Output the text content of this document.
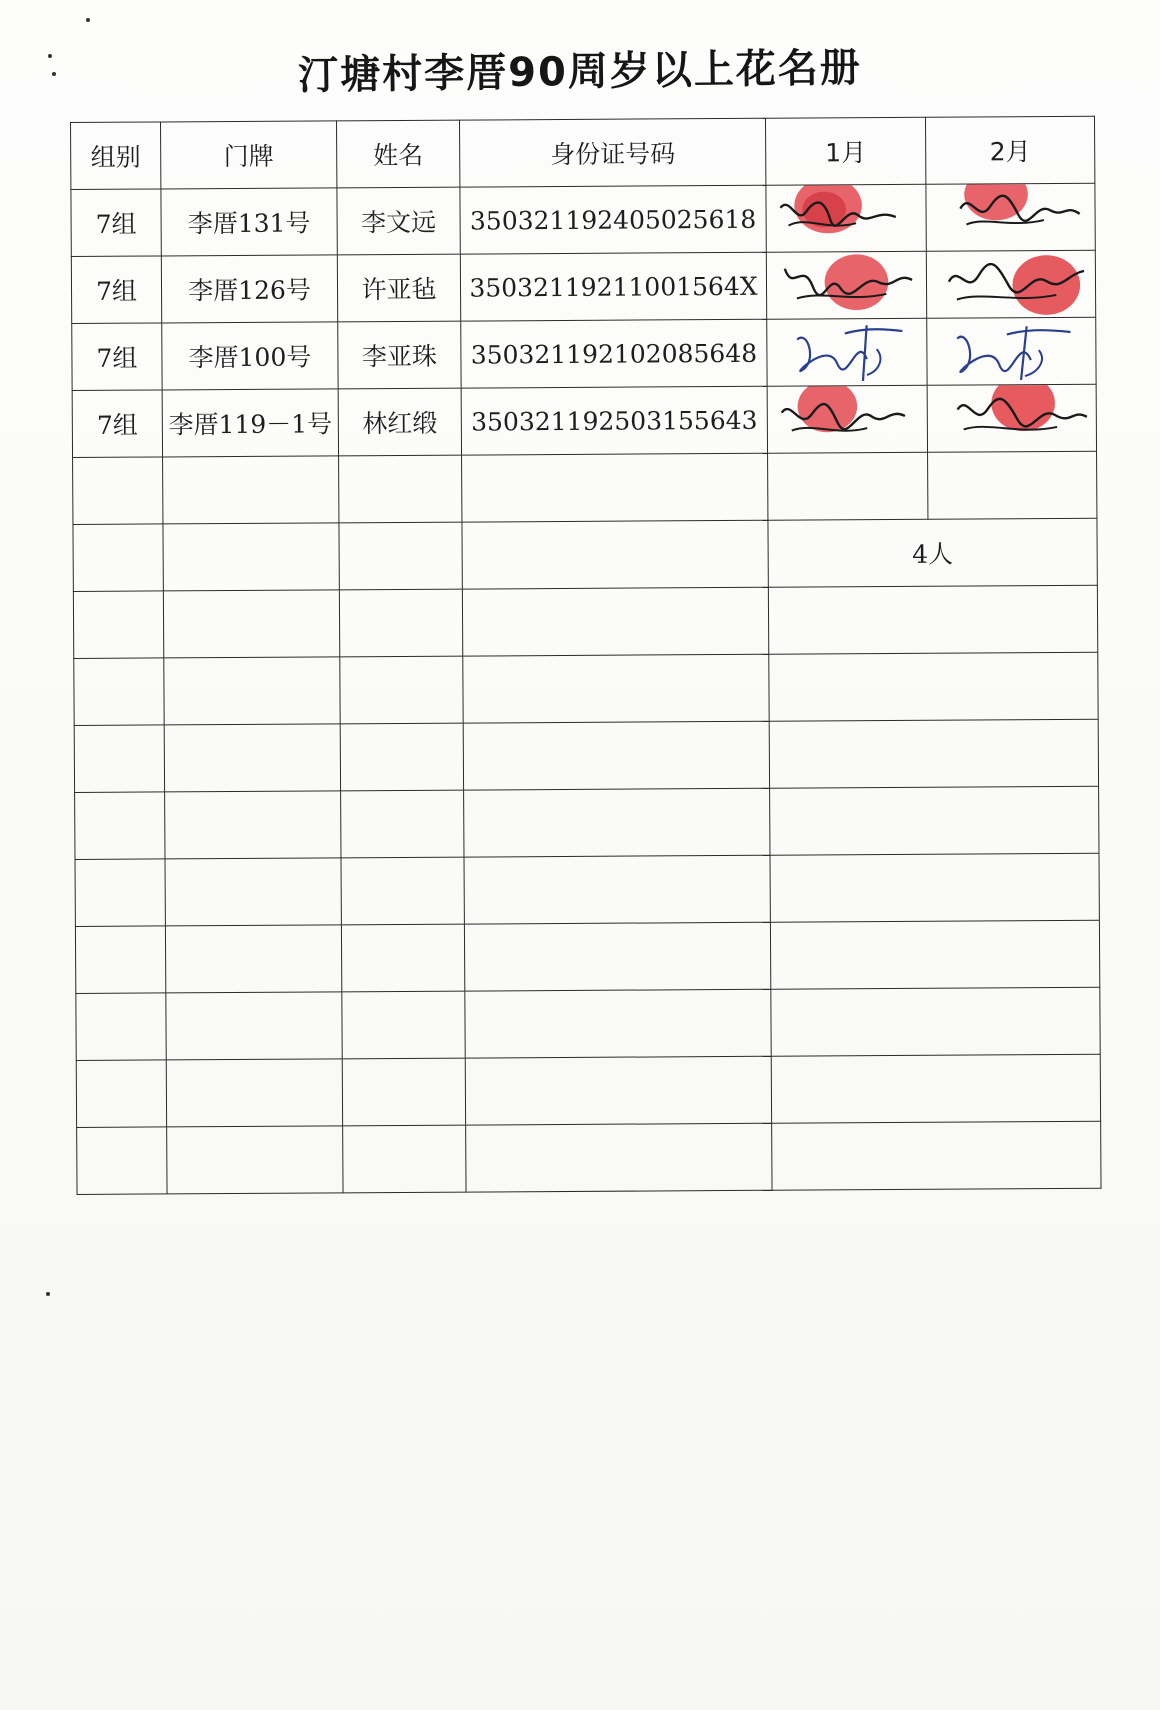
汀塘村李厝90周岁以上花名册
组别	门牌	姓名	身份证号码	1月	2月
7组	李厝131号	李文远	350321192405025618	

7组	李厝126号	许亚毡	35032119211001564X	

7组	李厝100号	李亚珠	350321192102085648	

7组	李厝119－1号	林红缎	350321192503155643	

				4人	
